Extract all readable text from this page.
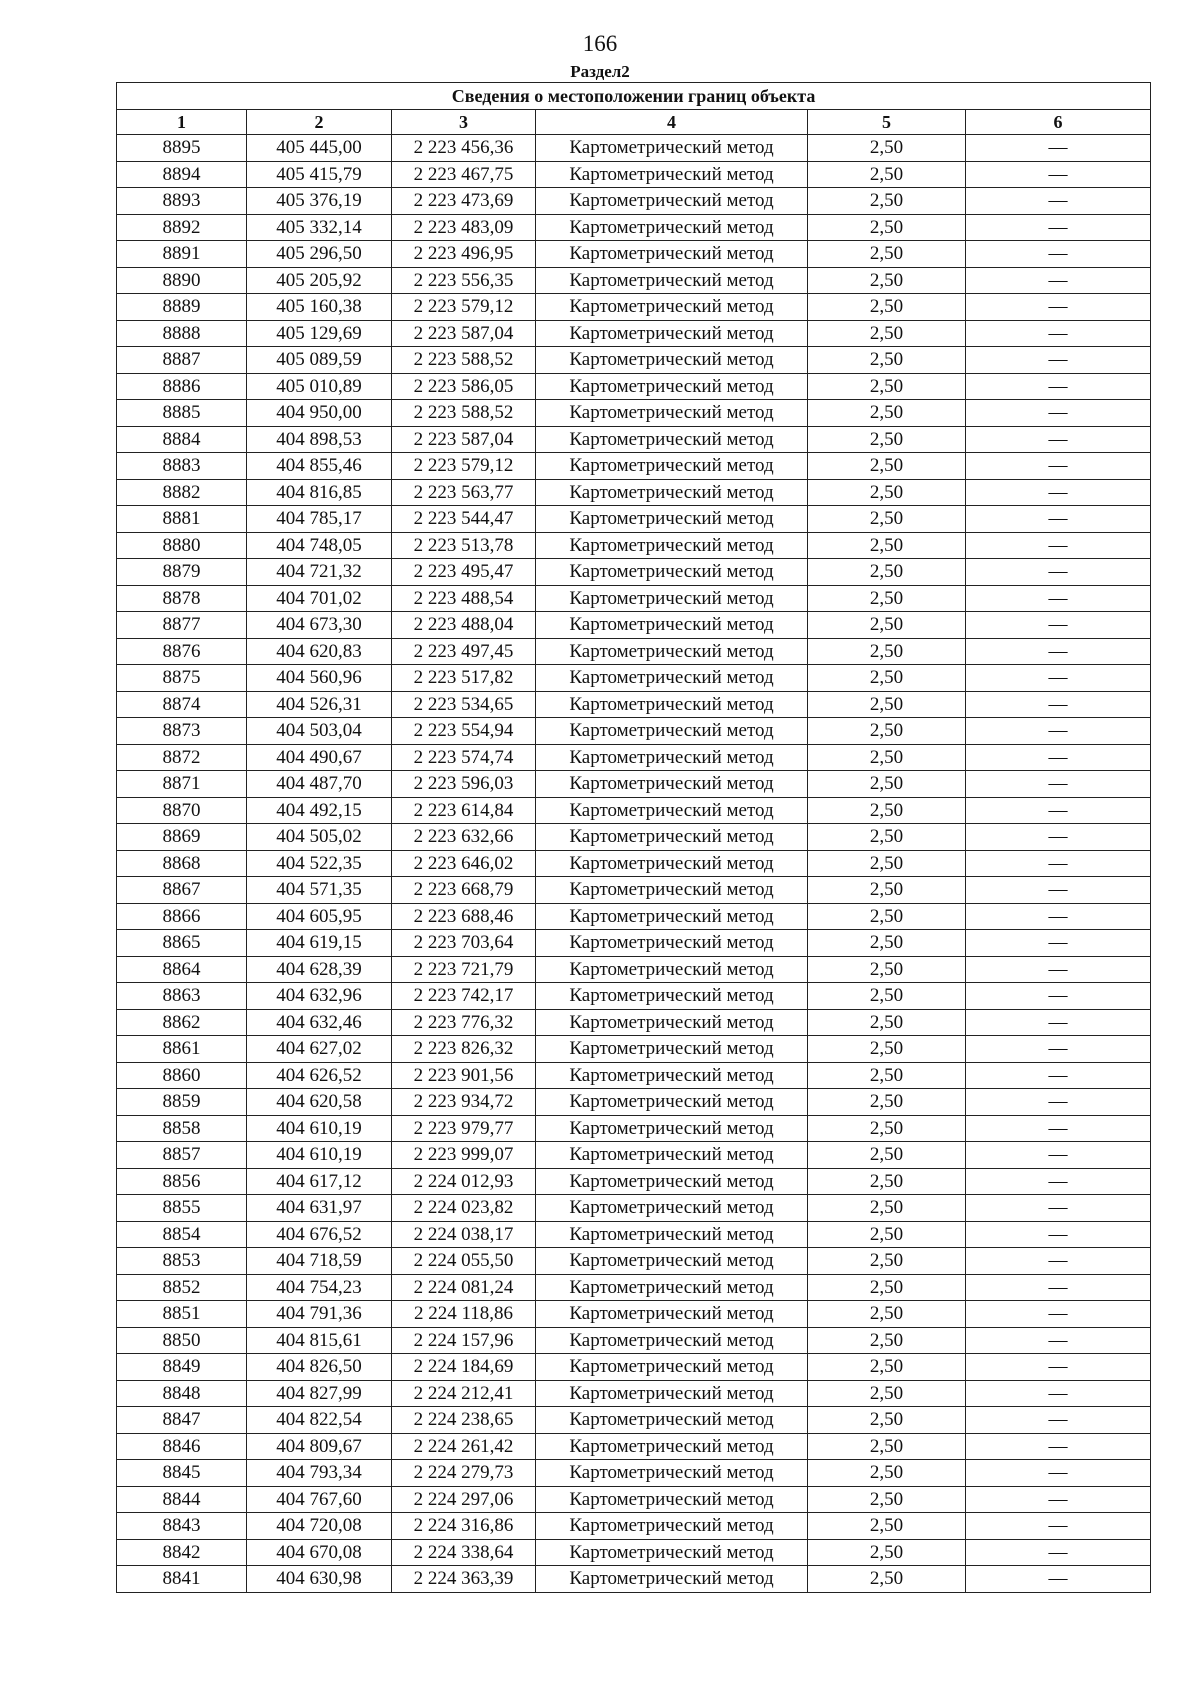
166
Раздел2
Сведения о местоположении границ объекта					
1	2	3	4	5	6
8895	405 445,00	2 223 456,36	Картометрический метод	2,50	—
8894	405 415,79	2 223 467,75	Картометрический метод	2,50	—
8893	405 376,19	2 223 473,69	Картометрический метод	2,50	—
8892	405 332,14	2 223 483,09	Картометрический метод	2,50	—
8891	405 296,50	2 223 496,95	Картометрический метод	2,50	—
8890	405 205,92	2 223 556,35	Картометрический метод	2,50	—
8889	405 160,38	2 223 579,12	Картометрический метод	2,50	—
8888	405 129,69	2 223 587,04	Картометрический метод	2,50	—
8887	405 089,59	2 223 588,52	Картометрический метод	2,50	—
8886	405 010,89	2 223 586,05	Картометрический метод	2,50	—
8885	404 950,00	2 223 588,52	Картометрический метод	2,50	—
8884	404 898,53	2 223 587,04	Картометрический метод	2,50	—
8883	404 855,46	2 223 579,12	Картометрический метод	2,50	—
8882	404 816,85	2 223 563,77	Картометрический метод	2,50	—
8881	404 785,17	2 223 544,47	Картометрический метод	2,50	—
8880	404 748,05	2 223 513,78	Картометрический метод	2,50	—
8879	404 721,32	2 223 495,47	Картометрический метод	2,50	—
8878	404 701,02	2 223 488,54	Картометрический метод	2,50	—
8877	404 673,30	2 223 488,04	Картометрический метод	2,50	—
8876	404 620,83	2 223 497,45	Картометрический метод	2,50	—
8875	404 560,96	2 223 517,82	Картометрический метод	2,50	—
8874	404 526,31	2 223 534,65	Картометрический метод	2,50	—
8873	404 503,04	2 223 554,94	Картометрический метод	2,50	—
8872	404 490,67	2 223 574,74	Картометрический метод	2,50	—
8871	404 487,70	2 223 596,03	Картометрический метод	2,50	—
8870	404 492,15	2 223 614,84	Картометрический метод	2,50	—
8869	404 505,02	2 223 632,66	Картометрический метод	2,50	—
8868	404 522,35	2 223 646,02	Картометрический метод	2,50	—
8867	404 571,35	2 223 668,79	Картометрический метод	2,50	—
8866	404 605,95	2 223 688,46	Картометрический метод	2,50	—
8865	404 619,15	2 223 703,64	Картометрический метод	2,50	—
8864	404 628,39	2 223 721,79	Картометрический метод	2,50	—
8863	404 632,96	2 223 742,17	Картометрический метод	2,50	—
8862	404 632,46	2 223 776,32	Картометрический метод	2,50	—
8861	404 627,02	2 223 826,32	Картометрический метод	2,50	—
8860	404 626,52	2 223 901,56	Картометрический метод	2,50	—
8859	404 620,58	2 223 934,72	Картометрический метод	2,50	—
8858	404 610,19	2 223 979,77	Картометрический метод	2,50	—
8857	404 610,19	2 223 999,07	Картометрический метод	2,50	—
8856	404 617,12	2 224 012,93	Картометрический метод	2,50	—
8855	404 631,97	2 224 023,82	Картометрический метод	2,50	—
8854	404 676,52	2 224 038,17	Картометрический метод	2,50	—
8853	404 718,59	2 224 055,50	Картометрический метод	2,50	—
8852	404 754,23	2 224 081,24	Картометрический метод	2,50	—
8851	404 791,36	2 224 118,86	Картометрический метод	2,50	—
8850	404 815,61	2 224 157,96	Картометрический метод	2,50	—
8849	404 826,50	2 224 184,69	Картометрический метод	2,50	—
8848	404 827,99	2 224 212,41	Картометрический метод	2,50	—
8847	404 822,54	2 224 238,65	Картометрический метод	2,50	—
8846	404 809,67	2 224 261,42	Картометрический метод	2,50	—
8845	404 793,34	2 224 279,73	Картометрический метод	2,50	—
8844	404 767,60	2 224 297,06	Картометрический метод	2,50	—
8843	404 720,08	2 224 316,86	Картометрический метод	2,50	—
8842	404 670,08	2 224 338,64	Картометрический метод	2,50	—
8841	404 630,98	2 224 363,39	Картометрический метод	2,50	—
